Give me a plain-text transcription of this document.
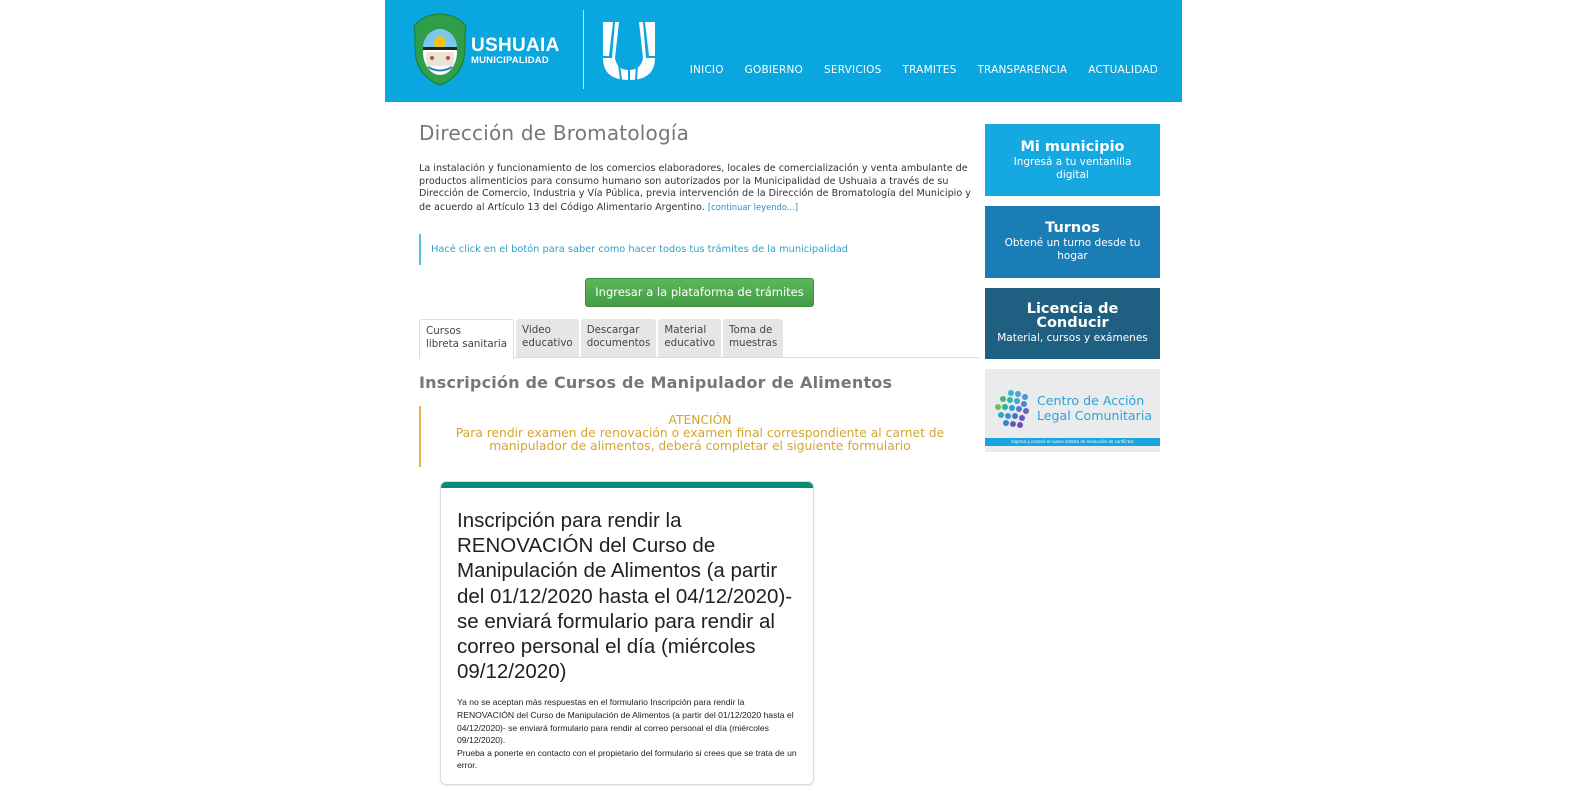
USHUAIA
MUNICIPALIDAD
INICIO GOBIERNO SERVICIOS TRAMITES TRANSPARENCIA ACTUALIDAD
Dirección de Bromatología

La instalación y funcionamiento de los comercios elaboradores, locales de comercialización y venta ambulante de productos alimenticios para consumo humano son autorizados por la Municipalidad de Ushuaia a través de su Dirección de Comercio, Industria y Vía Pública, previa intervención de la Dirección de Bromatología del Municipio y de acuerdo al Artículo 13 del Código Alimentario Argentino. [continuar leyendo...]

Hacé click en el botón para saber como hacer todos tus trámites de la municipalidad
Ingresar a la plataforma de trámites
Cursos
libreta sanitaria
Video
educativo
Descargar
documentos
Material
educativo
Toma de
muestras
Inscripción de Cursos de Manipulador de Alimentos
ATENCIÓN
Para rendir examen de renovación o examen final correspondiente al carnet de
manipulador de alimentos, deberá completar el siguiente formulario
Inscripción para rendir la RENOVACIÓN del Curso de Manipulación de Alimentos (a partir del 01/12/2020 hasta el 04/12/2020)- se enviará formulario para rendir al correo personal el día (miércoles 09/12/2020)
Ya no se aceptan más respuestas en el formulario Inscripción para rendir la RENOVACIÓN del Curso de Manipulación de Alimentos (a partir del 01/12/2020 hasta el 04/12/2020)- se enviará formulario para rendir al correo personal el día (miércoles 09/12/2020).
Prueba a ponerte en contacto con el propietario del formulario si crees que se trata de un error.
Mi municipio
Ingresá a tu ventanilla digital
Turnos
Obtené un turno desde tu hogar
Licencia de Conducir
Material, cursos y exámenes
Centro de Acción
Legal Comunitaria
Ingresá y conocé el nuevo ámbito de resolución de conflictos
